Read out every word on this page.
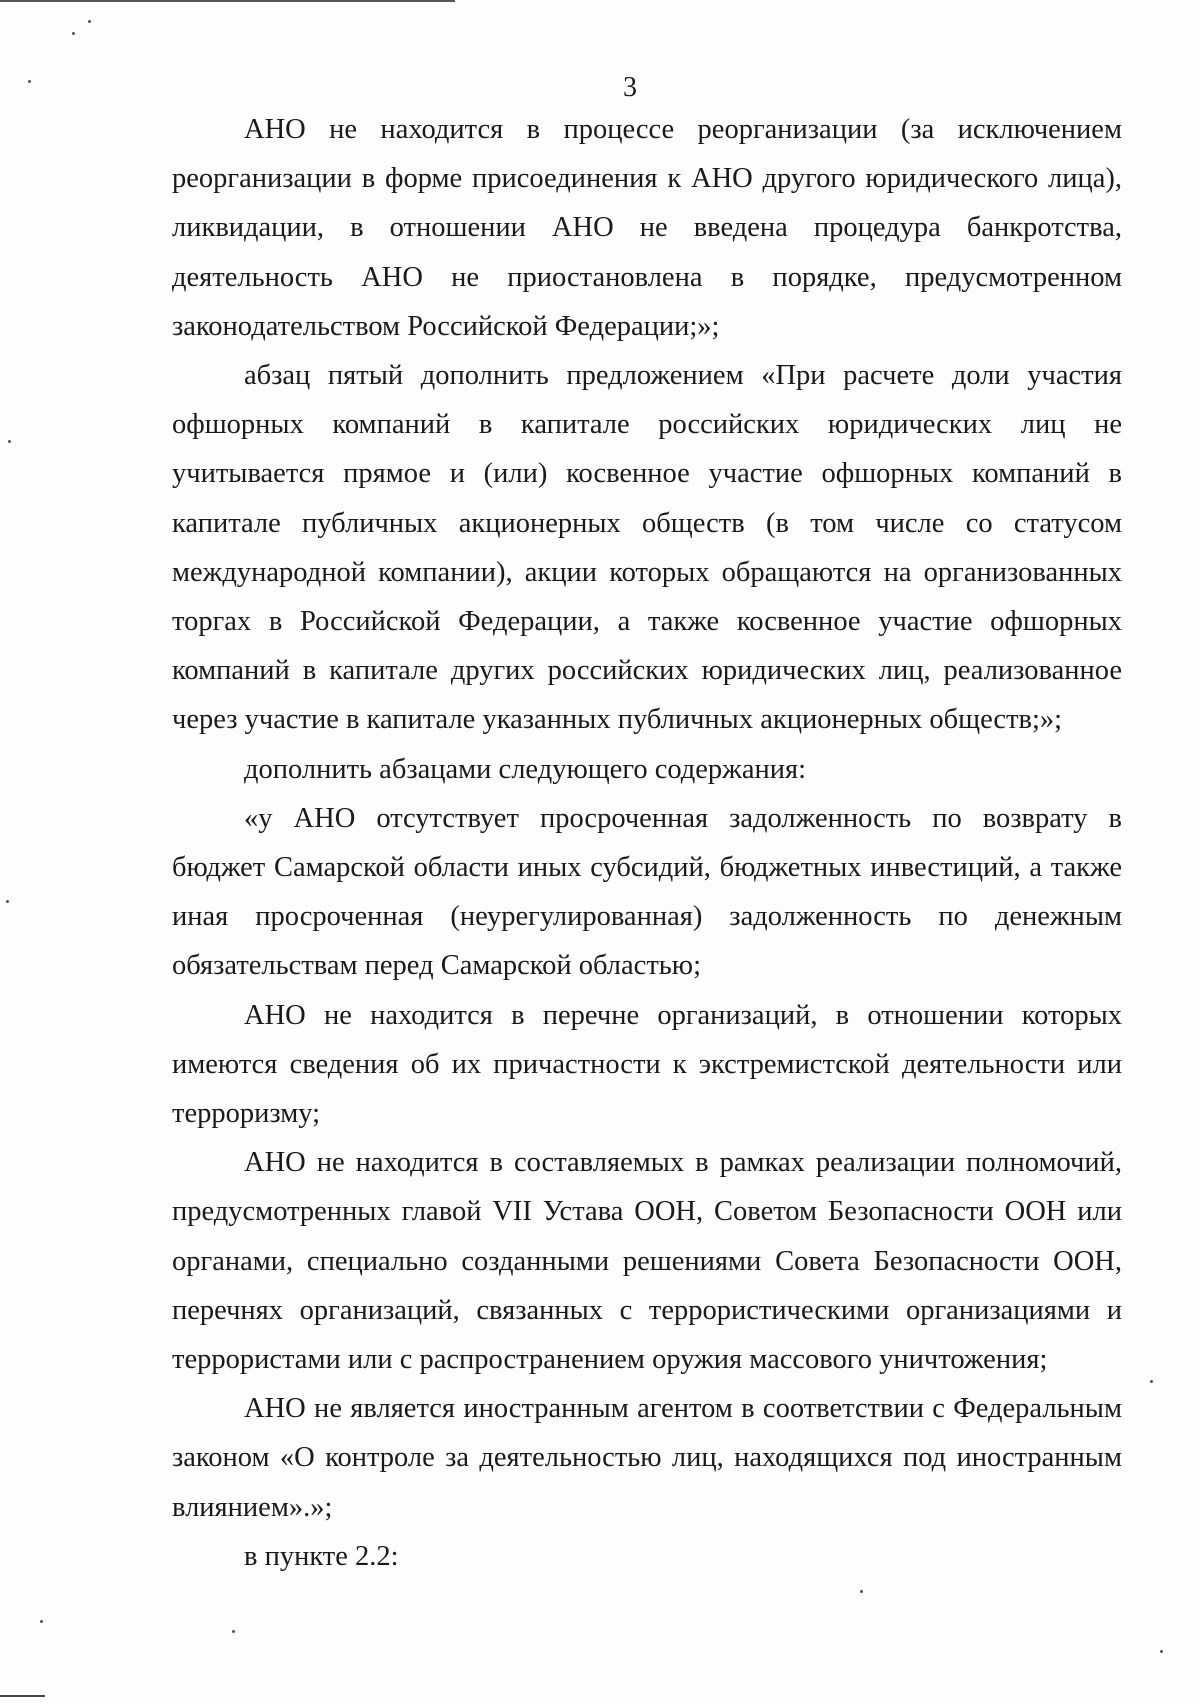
3

АНО не находится в процессе реорганизации (за исключением реорганизации в форме присоединения к АНО другого юридического лица), ликвидации, в отношении АНО не введена процедура банкротства, деятельность АНО не приостановлена в порядке, предусмотренном законодательством Российской Федерации;»;

абзац пятый дополнить предложением «При расчете доли участия офшорных компаний в капитале российских юридических лиц не учитывается прямое и (или) косвенное участие офшорных компаний в капитале публичных акционерных обществ (в том числе со статусом международной компании), акции которых обращаются на организованных торгах в Российской Федерации, а также косвенное участие офшорных компаний в капитале других российских юридических лиц, реализованное через участие в капитале указанных публичных акционерных обществ;»;

дополнить абзацами следующего содержания:

«у АНО отсутствует просроченная задолженность по возврату в бюджет Самарской области иных субсидий, бюджетных инвестиций, а также иная просроченная (неурегулированная) задолженность по денежным обязательствам перед Самарской областью;

АНО не находится в перечне организаций, в отношении которых имеются сведения об их причастности к экстремистской деятельности или терроризму;

АНО не находится в составляемых в рамках реализации полномочий, предусмотренных главой VII Устава ООН, Советом Безопасности ООН или органами, специально созданными решениями Совета Безопасности ООН, перечнях организаций, связанных с террористическими организациями и террористами или с распространением оружия массового уничтожения;

АНО не является иностранным агентом в соответствии с Федеральным законом «О контроле за деятельностью лиц, находящихся под иностранным влиянием».»;

в пункте 2.2:
